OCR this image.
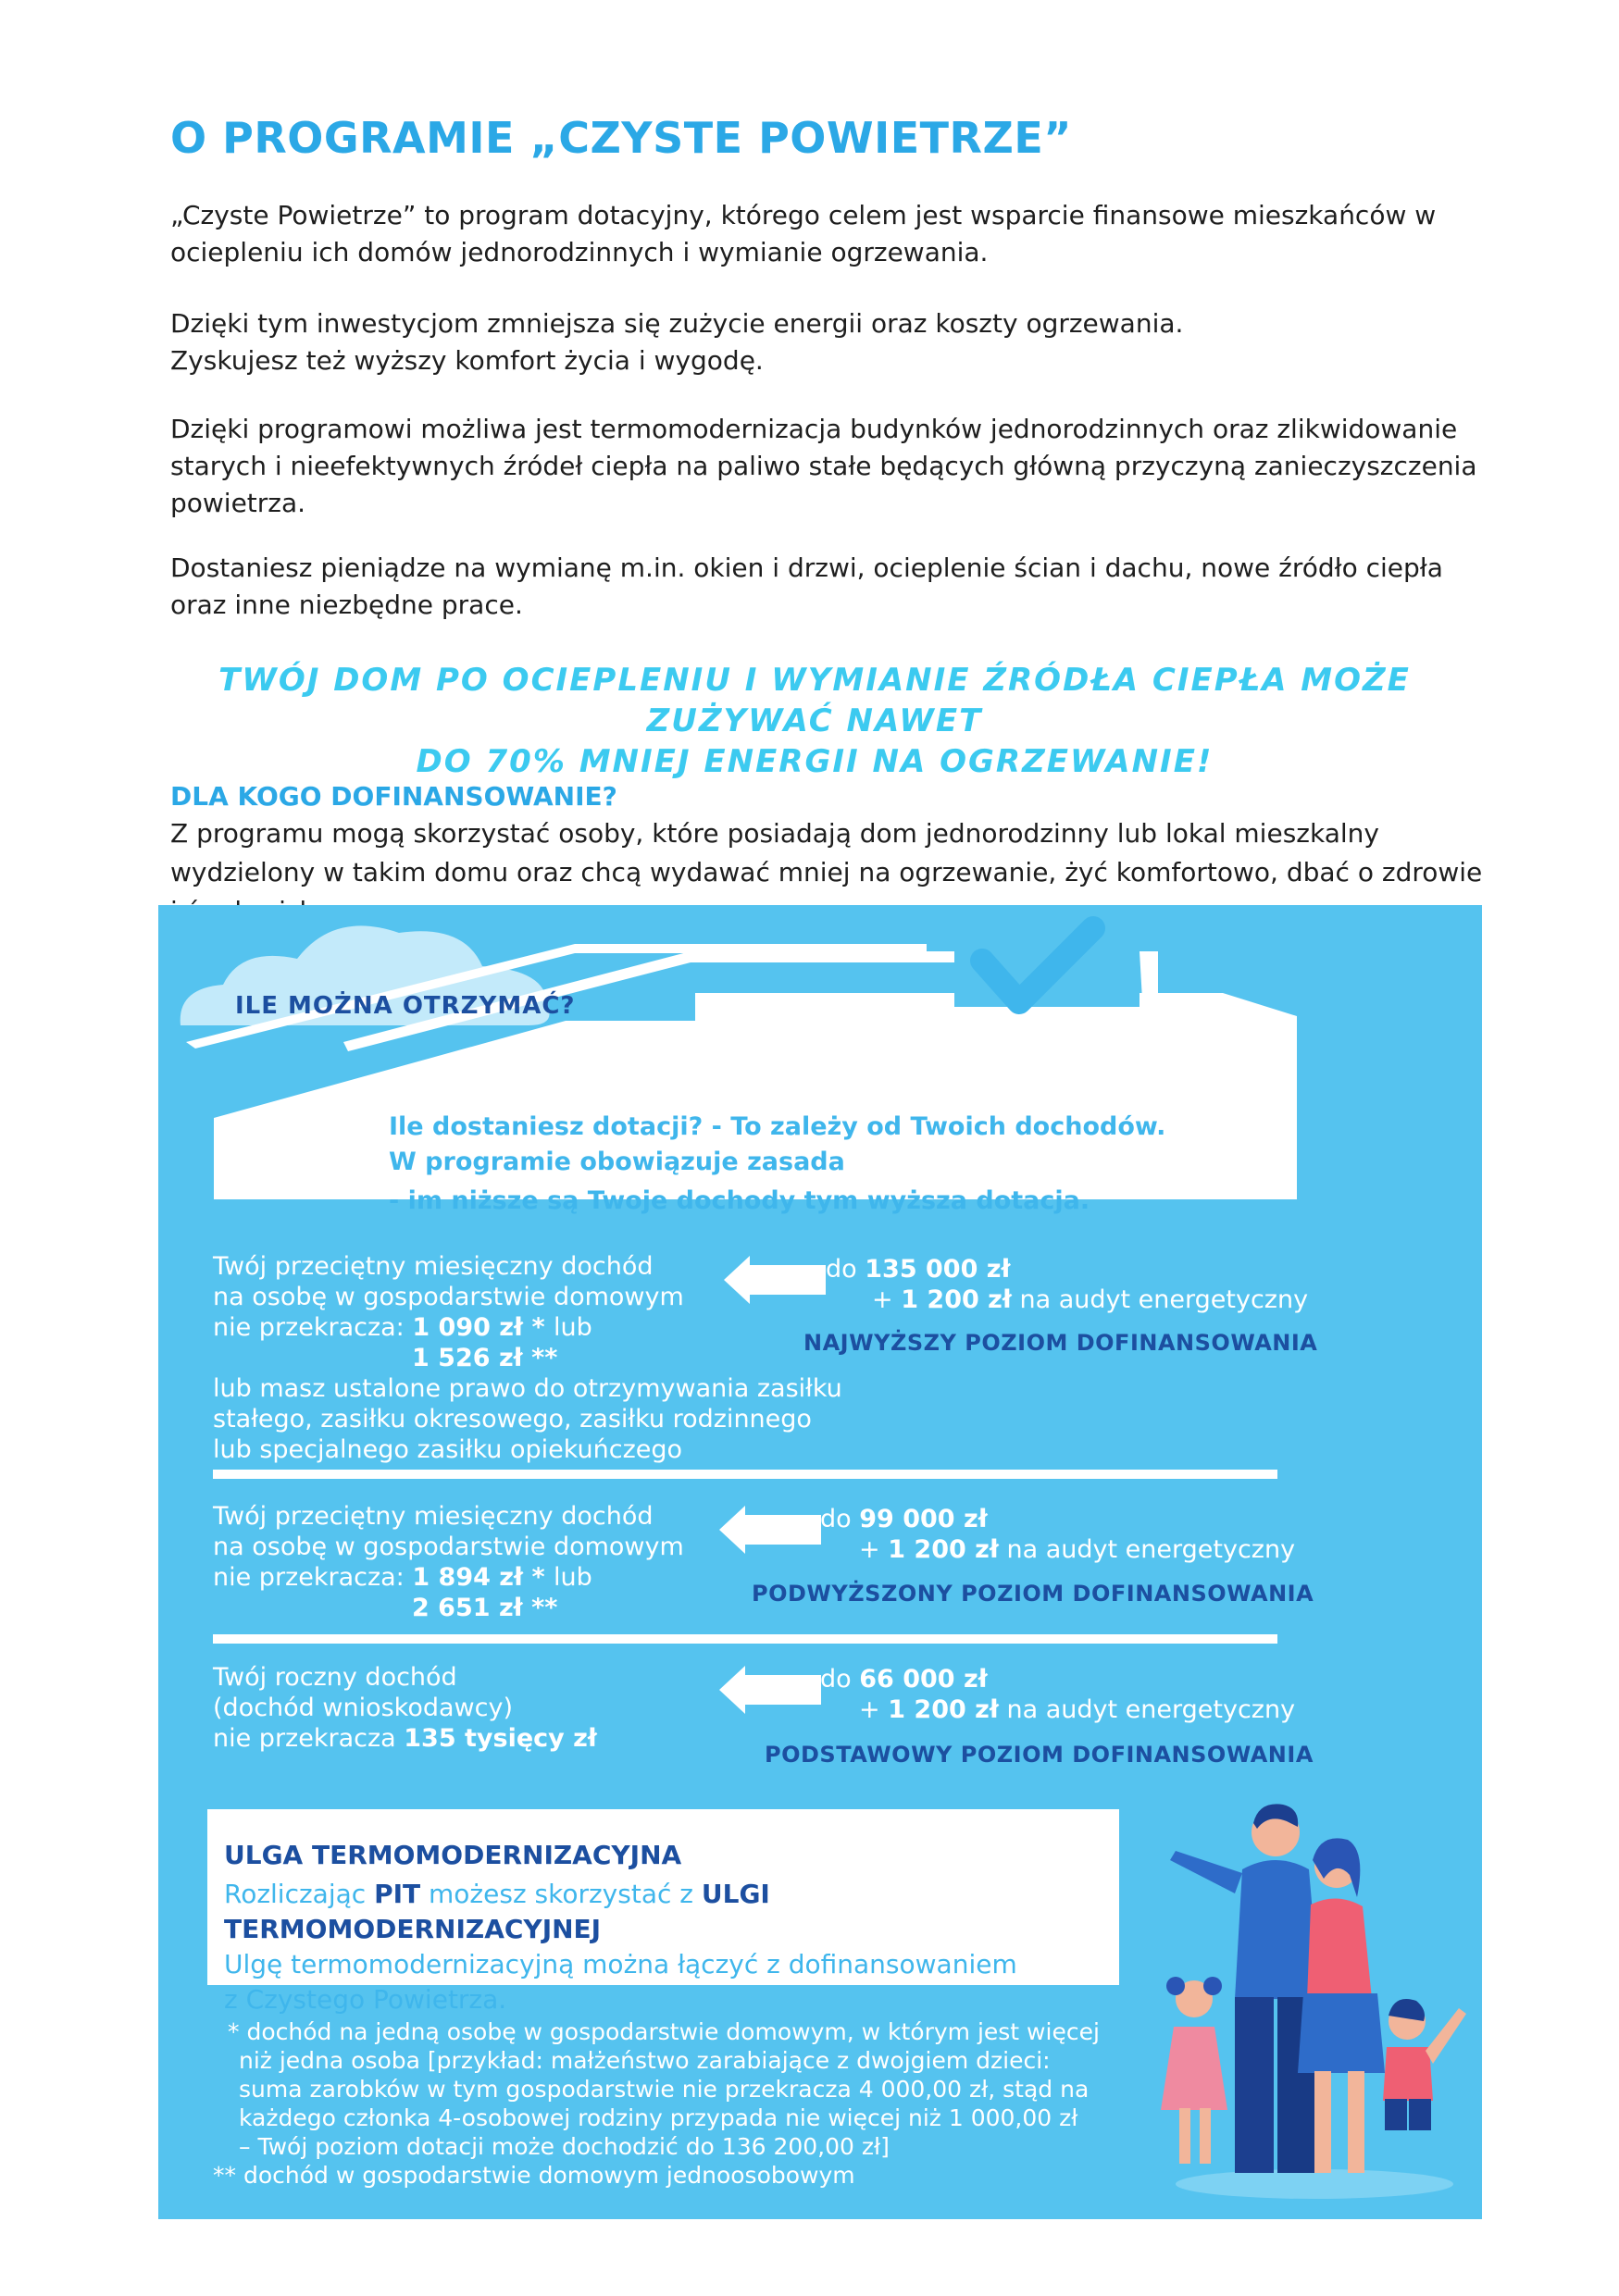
O PROGRAMIE „CZYSTE POWIETRZE”

„Czyste Powietrze” to program dotacyjny, którego celem jest wsparcie finansowe mieszkańców w ociepleniu ich domów jednorodzinnych i wymianie ogrzewania.

Dzięki tym inwestycjom zmniejsza się zużycie energii oraz koszty ogrzewania.
Zyskujesz też wyższy komfort życia i wygodę.

Dzięki programowi możliwa jest termomodernizacja budynków jednorodzinnych oraz zlikwidowanie starych i nieefektywnych źródeł ciepła na paliwo stałe będących główną przyczyną zanieczyszczenia powietrza.

Dostaniesz pieniądze na wymianę m.in. okien i drzwi, ocieplenie ścian i dachu, nowe źródło ciepła oraz inne niezbędne prace.

TWÓJ DOM PO OCIEPLENIU I WYMIANIE ŹRÓDŁA CIEPŁA MOŻE ZUŻYWAĆ NAWET
DO 70% MNIEJ ENERGII NA OGRZEWANIE!

DLA KOGO DOFINANSOWANIE?

Z programu mogą skorzystać osoby, które posiadają dom jednorodzinny lub lokal mieszkalny wydzielony w takim domu oraz chcą wydawać mniej na ogrzewanie, żyć komfortowo, dbać o zdrowie

ILE MOŻNA OTRZYMAĆ?

Ile dostaniesz dotacji? - To zależy od Twoich dochodów.

W programie obowiązuje zasada

- im niższe są Twoje dochody tym wyższa dotacja.

Twój przeciętny miesięczny dochód
na osobę w gospodarstwie domowym
nie przekracza: 1 090 zł * lub
1 526 zł **
lub masz ustalone prawo do otrzymywania zasiłku
stałego, zasiłku okresowego, zasiłku rodzinnego
lub specjalnego zasiłku opiekuńczego
do 135 000 zł
+ 1 200 zł na audyt energetyczny
NAJWYŻSZY POZIOM DOFINANSOWANIA
Twój przeciętny miesięczny dochód
na osobę w gospodarstwie domowym
nie przekracza: 1 894 zł * lub
2 651 zł **
do 99 000 zł
+ 1 200 zł na audyt energetyczny
PODWYŻSZONY POZIOM DOFINANSOWANIA
Twój roczny dochód
(dochód wnioskodawcy)
nie przekracza 135 tysięcy zł
do 66 000 zł
+ 1 200 zł na audyt energetyczny
PODSTAWOWY POZIOM DOFINANSOWANIA

ULGA TERMOMODERNIZACYJNA

Rozliczając PIT możesz skorzystać z ULGI TERMOMODERNIZACYJNEJ
Ulgę termomodernizacyjną można łączyć z dofinansowaniem
z Czystego Powietrza.
* dochód na jedną osobę w gospodarstwie domowym, w którym jest więcej
niż jedna osoba [przykład: małżeństwo zarabiające z dwojgiem dzieci:
suma zarobków w tym gospodarstwie nie przekracza 4 000,00 zł, stąd na
każdego członka 4-osobowej rodziny przypada nie więcej niż 1 000,00 zł
– Twój poziom dotacji może dochodzić do 136 200,00 zł]
** dochód w gospodarstwie domowym jednoosobowym
